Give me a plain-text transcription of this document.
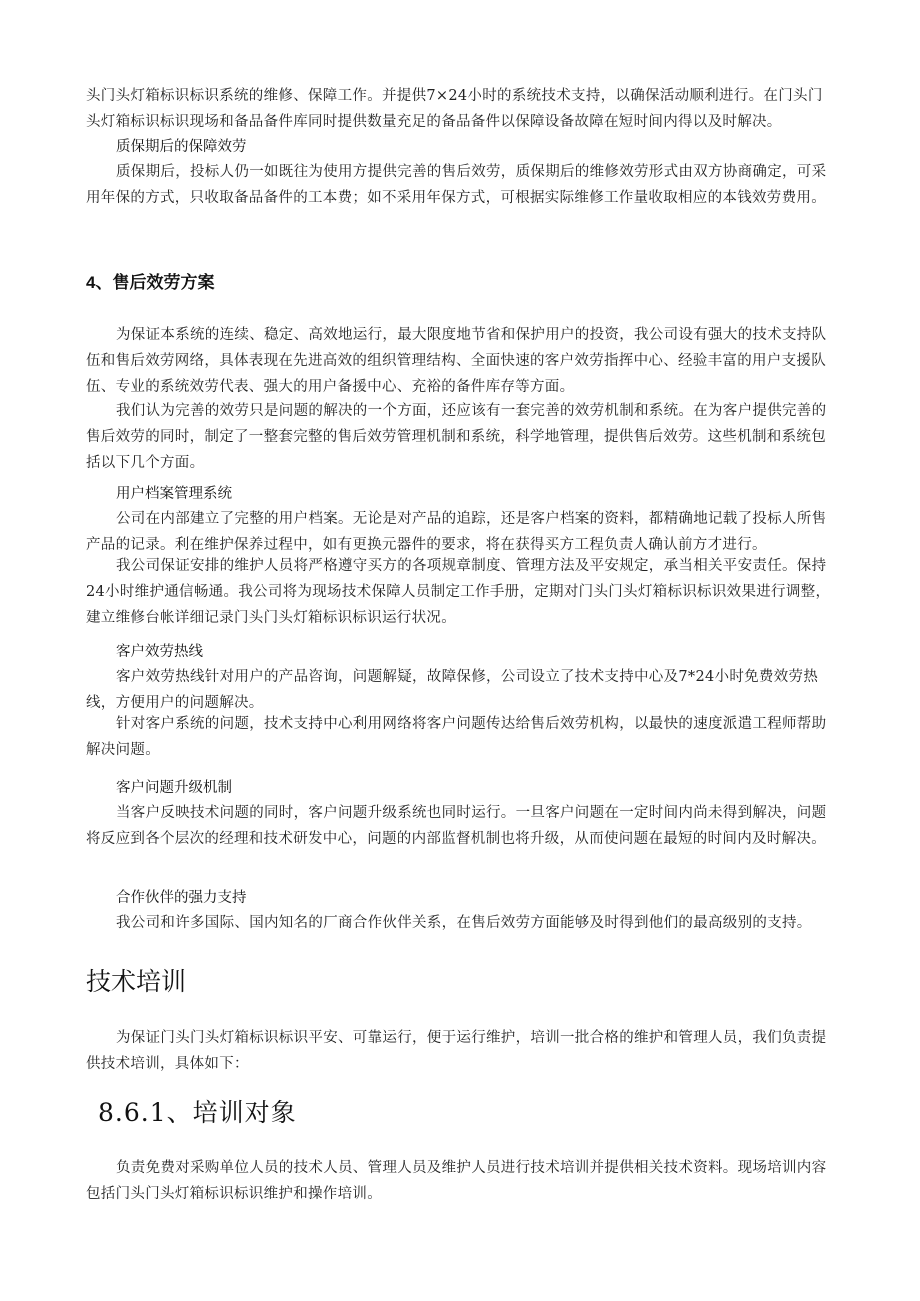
头门头灯箱标识标识系统的维修、保障工作。并提供7×24小时的系统技术支持，以确保活动顺利进行。在门头门头灯箱标识标识现场和备品备件库同时提供数量充足的备品备件以保障设备故障在短时间内得以及时解决。

质保期后的保障效劳

质保期后，投标人仍一如既往为使用方提供完善的售后效劳，质保期后的维修效劳形式由双方协商确定，可采用年保的方式，只收取备品备件的工本费；如不采用年保方式，可根据实际维修工作量收取相应的本钱效劳费用。

4、售后效劳方案

为保证本系统的连续、稳定、高效地运行，最大限度地节省和保护用户的投资，我公司设有强大的技术支持队伍和售后效劳网络，具体表现在先进高效的组织管理结构、全面快速的客户效劳指挥中心、经验丰富的用户支援队伍、专业的系统效劳代表、强大的用户备援中心、充裕的备件库存等方面。

我们认为完善的效劳只是问题的解决的一个方面，还应该有一套完善的效劳机制和系统。在为客户提供完善的售后效劳的同时，制定了一整套完整的售后效劳管理机制和系统，科学地管理，提供售后效劳。这些机制和系统包括以下几个方面。

用户档案管理系统

公司在内部建立了完整的用户档案。无论是对产品的追踪，还是客户档案的资料，都精确地记载了投标人所售产品的记录。利在维护保养过程中，如有更换元器件的要求，将在获得买方工程负责人确认前方才进行。

我公司保证安排的维护人员将严格遵守买方的各项规章制度、管理方法及平安规定，承当相关平安责任。保持24小时维护通信畅通。我公司将为现场技术保障人员制定工作手册，定期对门头门头灯箱标识标识效果进行调整，建立维修台帐详细记录门头门头灯箱标识标识运行状况。

客户效劳热线

客户效劳热线针对用户的产品咨询，问题解疑，故障保修，公司设立了技术支持中心及7*24小时免费效劳热线，方便用户的问题解决。

针对客户系统的问题，技术支持中心利用网络将客户问题传达给售后效劳机构，以最快的速度派遣工程师帮助解决问题。

客户问题升级机制

当客户反映技术问题的同时，客户问题升级系统也同时运行。一旦客户问题在一定时间内尚未得到解决，问题将反应到各个层次的经理和技术研发中心，问题的内部监督机制也将升级，从而使问题在最短的时间内及时解决。

合作伙伴的强力支持

我公司和许多国际、国内知名的厂商合作伙伴关系，在售后效劳方面能够及时得到他们的最高级别的支持。

技术培训

为保证门头门头灯箱标识标识平安、可靠运行，便于运行维护，培训一批合格的维护和管理人员，我们负责提供技术培训，具体如下：

8.6.1、培训对象

负责免费对采购单位人员的技术人员、管理人员及维护人员进行技术培训并提供相关技术资料。现场培训内容包括门头门头灯箱标识标识维护和操作培训。
